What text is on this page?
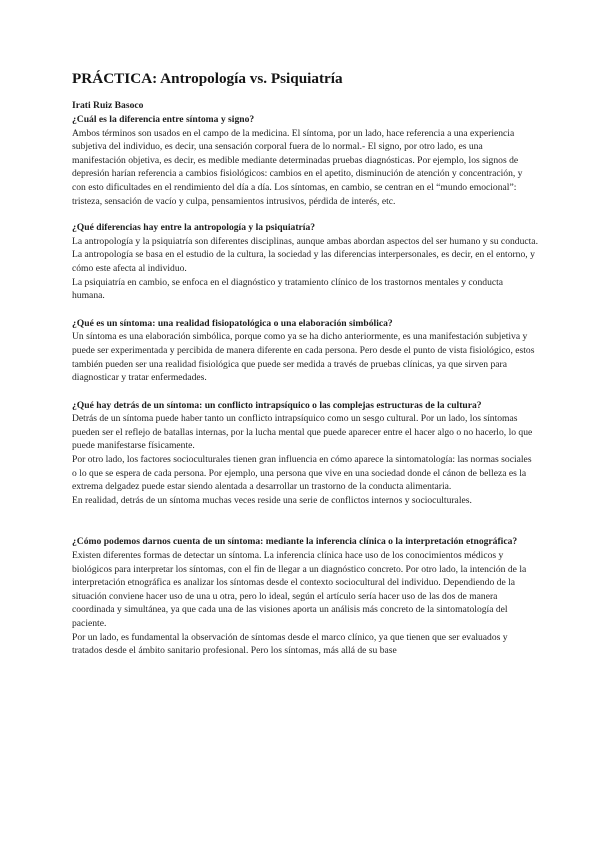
PRÁCTICA: Antropología vs. Psiquiatría

Irati Ruiz Basoco

¿Cuál es la diferencia entre síntoma y signo?

Ambos términos son usados en el campo de la medicina. El síntoma, por un lado, hace referencia a una experiencia subjetiva del individuo, es decir, una sensación corporal fuera de lo normal.- El signo, por otro lado, es una manifestación objetiva, es decir, es medible mediante determinadas pruebas diagnósticas. Por ejemplo, los signos de depresión harían referencia a cambios fisiológicos: cambios en el apetito, disminución de atención y concentración, y con esto dificultades en el rendimiento del día a día. Los síntomas, en cambio, se centran en el “mundo emocional”: tristeza, sensación de vacío y culpa, pensamientos intrusivos, pérdida de interés, etc.

¿Qué diferencias hay entre la antropología y la psiquiatría?

La antropología y la psiquiatría son diferentes disciplinas, aunque ambas abordan aspectos del ser humano y su conducta. La antropología se basa en el estudio de la cultura, la sociedad y las diferencias interpersonales, es decir, en el entorno, y cómo este afecta al individuo.

La psiquiatría en cambio, se enfoca en el diagnóstico y tratamiento clínico de los trastornos mentales y conducta humana.

¿Qué es un síntoma: una realidad fisiopatológica o una elaboración simbólica?

Un síntoma es una elaboración simbólica, porque como ya se ha dicho anteriormente, es una manifestación subjetiva y puede ser experimentada y percibida de manera diferente en cada persona. Pero desde el punto de vista fisiológico, estos también pueden ser una realidad fisiológica que puede ser medida a través de pruebas clínicas, ya que sirven para diagnosticar y tratar enfermedades.

¿Qué hay detrás de un síntoma: un conflicto intrapsíquico o las complejas estructuras de la cultura?

Detrás de un síntoma puede haber tanto un conflicto intrapsíquico como un sesgo cultural. Por un lado, los síntomas pueden ser el reflejo de batallas internas, por la lucha mental que puede aparecer entre el hacer algo o no hacerlo, lo que puede manifestarse físicamente.

Por otro lado, los factores socioculturales tienen gran influencia en cómo aparece la sintomatología: las normas sociales o lo que se espera de cada persona. Por ejemplo, una persona que vive en una sociedad donde el cánon de belleza es la extrema delgadez puede estar siendo alentada a desarrollar un trastorno de la conducta alimentaria.

En realidad, detrás de un síntoma muchas veces reside una serie de conflictos internos y socioculturales.

¿Cómo podemos darnos cuenta de un síntoma: mediante la inferencia clínica o la interpretación etnográfica?

Existen diferentes formas de detectar un síntoma. La inferencia clínica hace uso de los conocimientos médicos y biológicos para interpretar los síntomas, con el fin de llegar a un diagnóstico concreto. Por otro lado, la intención de la interpretación etnográfica es analizar los síntomas desde el contexto sociocultural del individuo. Dependiendo de la situación conviene hacer uso de una u otra, pero lo ideal, según el artículo sería hacer uso de las dos de manera coordinada y simultánea, ya que cada una de las visiones aporta un análisis más concreto de la sintomatología del paciente.

Por un lado, es fundamental la observación de síntomas desde el marco clínico, ya que tienen que ser evaluados y tratados desde el ámbito sanitario profesional. Pero los síntomas, más allá de su base
